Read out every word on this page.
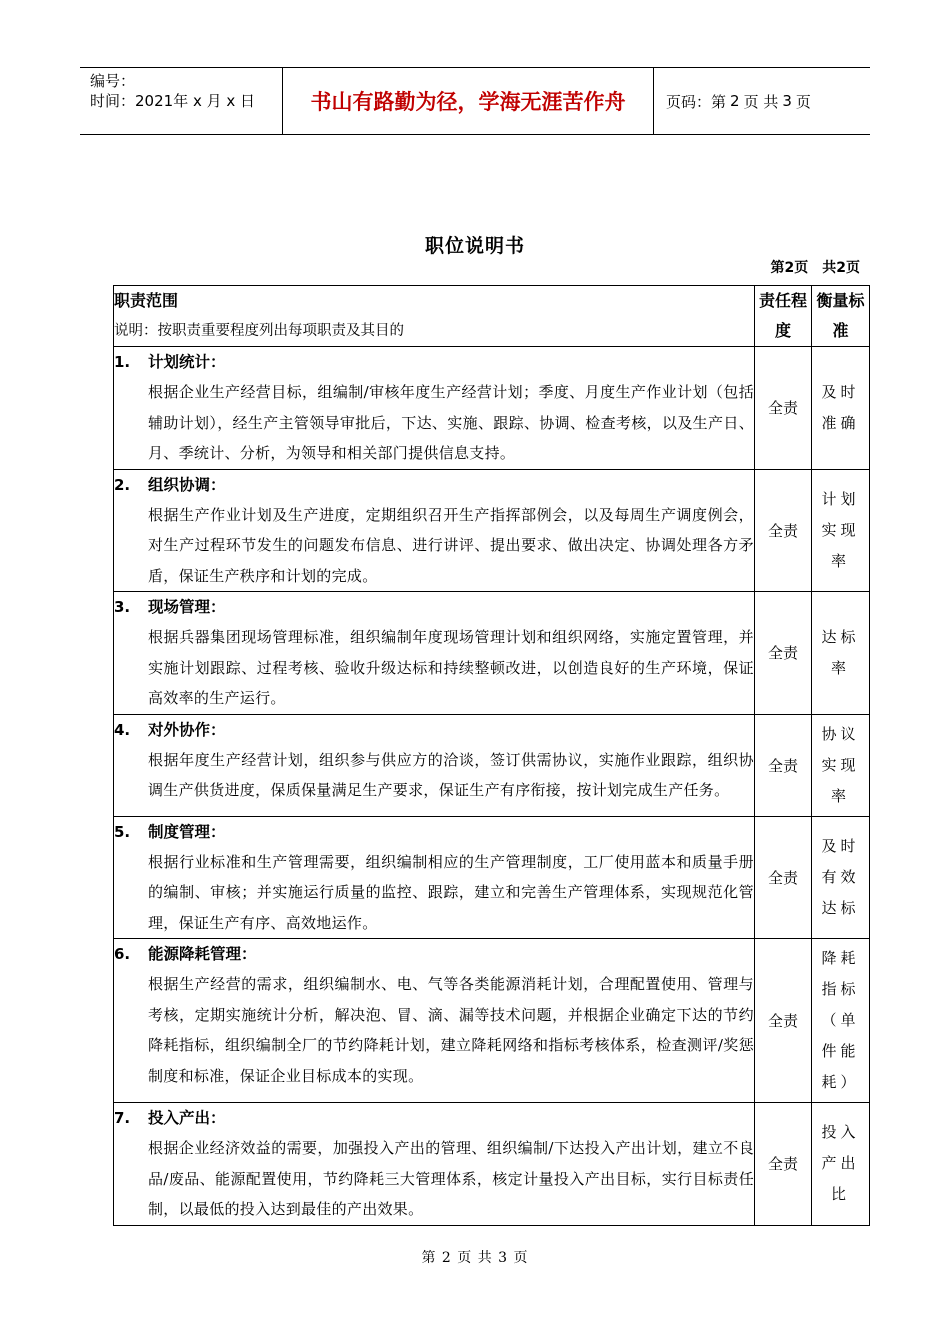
编号：
时间：2021年 x 月 x 日	书山有路勤为径，学海无涯苦作舟	页码：第 2 页 共 3 页
职位说明书
第2页　共2页
职责范围
说明：按职责重要程度列出每项职责及其目的	责任程度	衡量标准

1. 计划统计：
根据企业生产经营目标，组编制/审核年度生产经营计划；季度、月度生产作业计划（包括辅助计划），经生产主管领导审批后，下达、实施、跟踪、协调、检查考核，以及生产日、月、季统计、分析，为领导和相关部门提供信息支持。	全责	及时准确

2. 组织协调：
根据生产作业计划及生产进度，定期组织召开生产指挥部例会，以及每周生产调度例会，对生产过程环节发生的问题发布信息、进行讲评、提出要求、做出决定、协调处理各方矛盾，保证生产秩序和计划的完成。	全责	计划实现率

3. 现场管理：
根据兵器集团现场管理标准，组织编制年度现场管理计划和组织网络，实施定置管理，并实施计划跟踪、过程考核、验收升级达标和持续整顿改进，以创造良好的生产环境，保证高效率的生产运行。	全责	达标率

4. 对外协作：
根据年度生产经营计划，组织参与供应方的洽谈，签订供需协议，实施作业跟踪，组织协调生产供货进度，保质保量满足生产要求，保证生产有序衔接，按计划完成生产任务。	全责	协议实现率

5. 制度管理：
根据行业标准和生产管理需要，组织编制相应的生产管理制度，工厂使用蓝本和质量手册的编制、审核；并实施运行质量的监控、跟踪，建立和完善生产管理体系，实现规范化管理，保证生产有序、高效地运作。	全责	及时有效达标

6. 能源降耗管理：
根据生产经营的需求，组织编制水、电、气等各类能源消耗计划，合理配置使用、管理与考核，定期实施统计分析，解决泡、冒、滴、漏等技术问题，并根据企业确定下达的节约降耗指标，组织编制全厂的节约降耗计划，建立降耗网络和指标考核体系，检查测评/奖惩制度和标准，保证企业目标成本的实现。	全责	降耗指标（单件能耗）

7. 投入产出：
根据企业经济效益的需要，加强投入产出的管理、组织编制/下达投入产出计划，建立不良品/废品、能源配置使用，节约降耗三大管理体系，核定计量投入产出目标，实行目标责任制，以最低的投入达到最佳的产出效果。	全责	投入产出比
第 2 页 共 3 页
